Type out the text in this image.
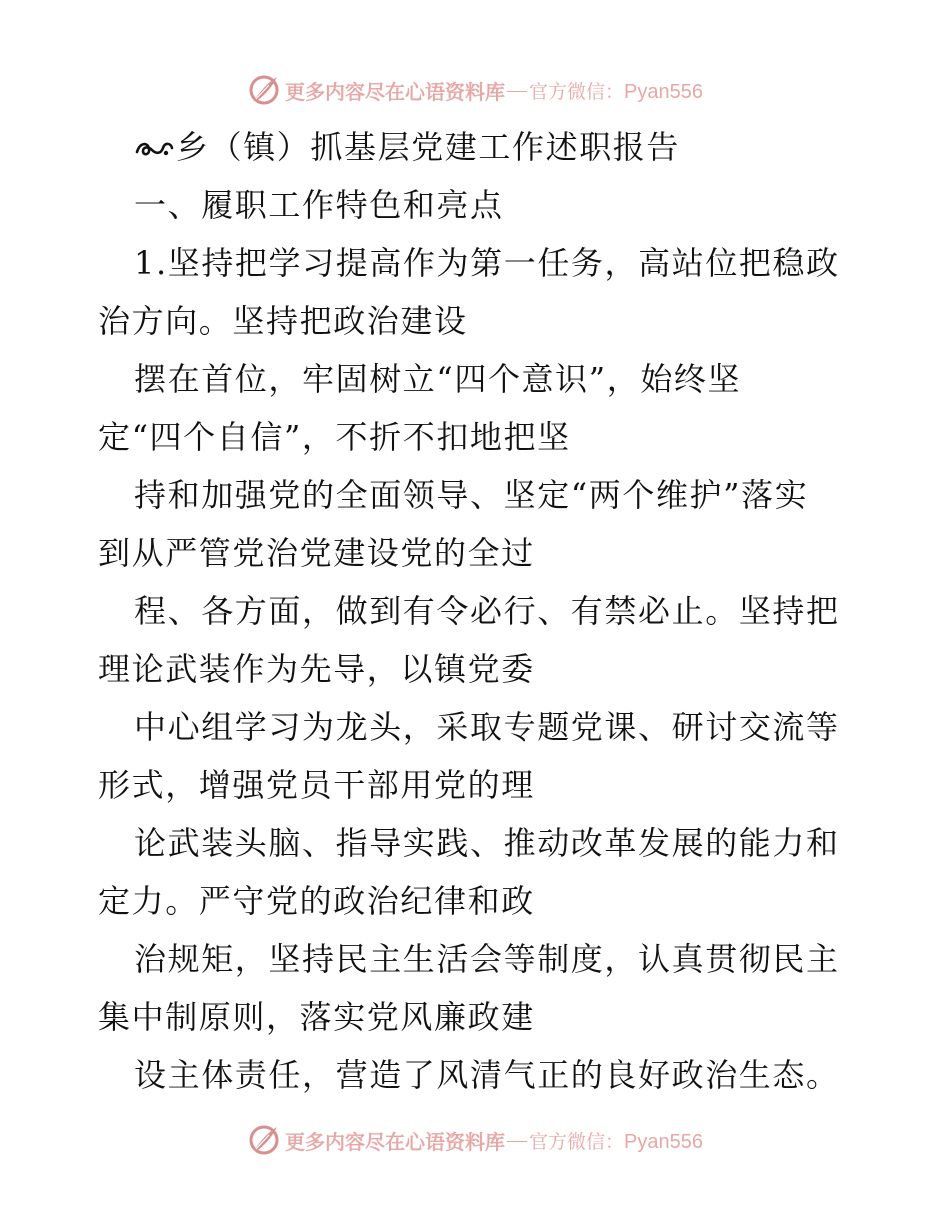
更多内容尽在心语资料库 — 官方微信：Pyan556
乡（镇）抓基层党建工作述职报告
一、履职工作特色和亮点
1.坚持把学习提高作为第一任务，高站位把稳政
治方向。坚持把政治建设
摆在首位，牢固树立“四个意识”，始终坚
定“四个自信”，不折不扣地把坚
持和加强党的全面领导、坚定“两个维护”落实
到从严管党治党建设党的全过
程、各方面，做到有令必行、有禁必止。坚持把
理论武装作为先导，以镇党委
中心组学习为龙头，采取专题党课、研讨交流等
形式，增强党员干部用党的理
论武装头脑、指导实践、推动改革发展的能力和
定力。严守党的政治纪律和政
治规矩，坚持民主生活会等制度，认真贯彻民主
集中制原则，落实党风廉政建
设主体责任，营造了风清气正的良好政治生态。
更多内容尽在心语资料库 — 官方微信：Pyan556
